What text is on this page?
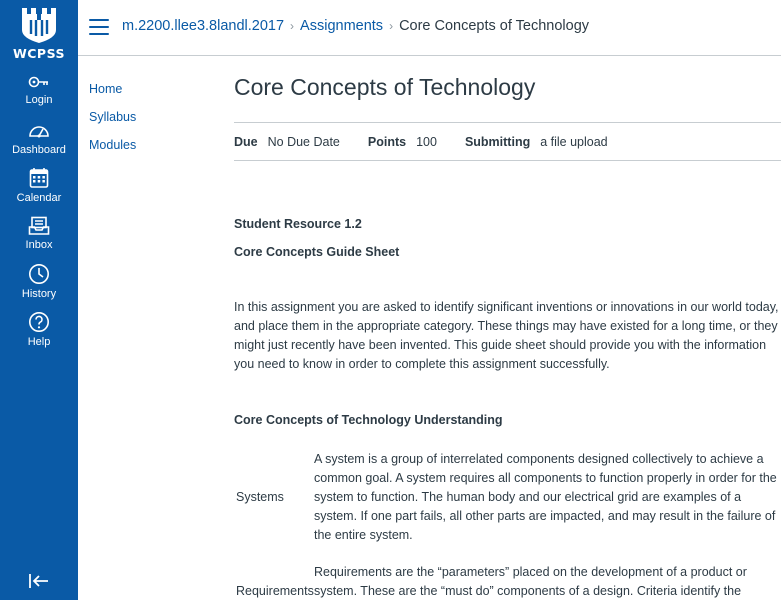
WCPSS
Login
Dashboard
Calendar
Inbox
History
Help
m.2200.llee3.8landl.2017 › Assignments › Core Concepts of Technology
Home
Syllabus
Modules
Core Concepts of Technology
Due No Due Date Points 100 Submitting a file upload
Student Resource 1.2
Core Concepts Guide Sheet

In this assignment you are asked to identify significant inventions or innovations in our world today, and place them in the appropriate category. These things may have existed for a long time, or they might just recently have been invented. This guide sheet should provide you with the information you need to know in order to complete this assignment successfully.

Core Concepts of Technology Understanding
Systems
A system is a group of interrelated components designed collectively to achieve a common goal. A system requires all components to function properly in order for the system to function. The human body and our electrical grid are examples of a system. If one part fails, all other parts are impacted, and may result in the failure of the entire system.
Requirements
Requirements are the “parameters” placed on the development of a product or system. These are the “must do” components of a design. Criteria identify the
